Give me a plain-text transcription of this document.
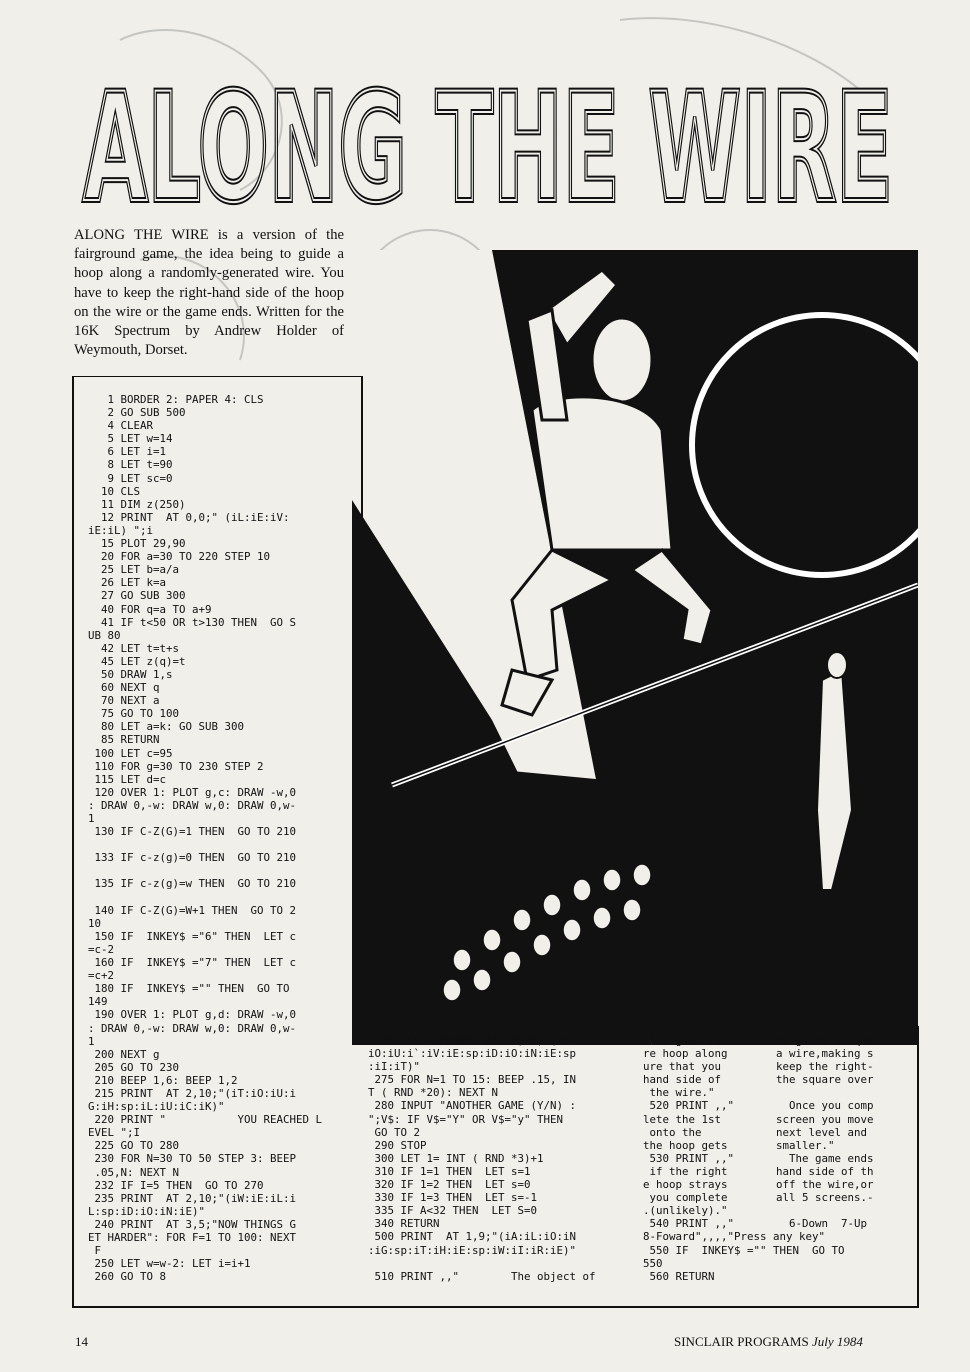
ALONG THE WIRE
ALONG THE WIRE
ALONG THE WIRE is a version of the fairground game, the idea being to guide a hoop along a randomly-generated wire. You have to keep the right-hand side of the hoop on the wire or the game ends. Written for the 16K Spectrum by Andrew Holder of Weymouth, Dorset.
1 BORDER 2: PAPER 4: CLS
2 GO SUB 500
4 CLEAR
5 LET w=14
6 LET i=1
8 LET t=90
9 LET sc=0
10 CLS
11 DIM z(250)
12 PRINT  AT 0,0;" (iL:iE:iV:
iE:iL) ";i
15 PLOT 29,90
20 FOR a=30 TO 220 STEP 10
25 LET b=a/a
26 LET k=a
27 GO SUB 300
40 FOR q=a TO a+9
41 IF t<50 OR t>130 THEN  GO S
UB 80
42 LET t=t+s
45 LET z(q)=t
50 DRAW 1,s
60 NEXT q
70 NEXT a
75 GO TO 100
80 LET a=k: GO SUB 300
85 RETURN
100 LET c=95
110 FOR g=30 TO 230 STEP 2
115 LET d=c
120 OVER 1: PLOT g,c: DRAW -w,0
: DRAW 0,-w: DRAW w,0: DRAW 0,w-
1
130 IF C-Z(G)=1 THEN  GO TO 210

133 IF c-z(g)=0 THEN  GO TO 210

135 IF c-z(g)=w THEN  GO TO 210

140 IF C-Z(G)=W+1 THEN  GO TO 2
10
150 IF  INKEY$ ="6" THEN  LET c
=c-2
160 IF  INKEY$ ="7" THEN  LET c
=c+2
180 IF  INKEY$ ="" THEN  GO TO
149
190 OVER 1: PLOT g,d: DRAW -w,0
: DRAW 0,-w: DRAW w,0: DRAW 0,w-
1
200 NEXT g
205 GO TO 230
210 BEEP 1,6: BEEP 1,2
215 PRINT  AT 2,10;"(iT:iO:iU:i
G:iH:sp:iL:iU:iC:iK)"
220 PRINT "           YOU REACHED L
EVEL ";I
225 GO TO 280
230 FOR N=30 TO 50 STEP 3: BEEP
.05,N: NEXT N
232 IF I=5 THEN  GO TO 270
235 PRINT  AT 2,10;"(iW:iE:iL:i
L:sp:iD:iO:iN:iE)"
240 PRINT  AT 3,5;"NOW THINGS G
ET HARDER": FOR F=1 TO 100: NEXT
F
250 LET w=w-2: LET i=i+1
260 GO TO 8
270 CLS : PRINT  AT 10,10;"(iY:
iO:iU:i`:iV:iE:sp:iD:iO:iN:iE:sp
:iI:iT)"
275 FOR N=1 TO 15: BEEP .15, IN
T ( RND *20): NEXT N
280 INPUT "ANOTHER GAME (Y/N) :
";V$: IF V$="Y" OR V$="y" THEN
GO TO 2
290 STOP
300 LET 1= INT ( RND *3)+1
310 IF 1=1 THEN  LET s=1
320 IF 1=2 THEN  LET s=0
330 IF 1=3 THEN  LET s=-1
335 IF A<32 THEN  LET S=0
340 RETURN
500 PRINT  AT 1,9;"(iA:iL:iO:iN
:iG:sp:iT:iH:iE:sp:iW:iI:iR:iE)"

510 PRINT ,,"        The object of
the game is
re hoop along
ure that you
hand side of
the wire."
520 PRINT ,,"
lete the 1st
onto the
the hoop gets
530 PRINT ,,"
if the right
e hoop strays
you complete
.(unlikely)."
540 PRINT ,,"
8-Foward",,,,"Press any key"
550 IF  INKEY$ ="" THEN  GO TO
550
560 RETURN
to guide a squa
a wire,making s
keep the right-
the square over

Once you comp
screen you move
next level and
smaller."
The game ends
hand side of th
off the wire,or
all 5 screens.-

6-Down  7-Up
14	SINCLAIR PROGRAMS July 1984
